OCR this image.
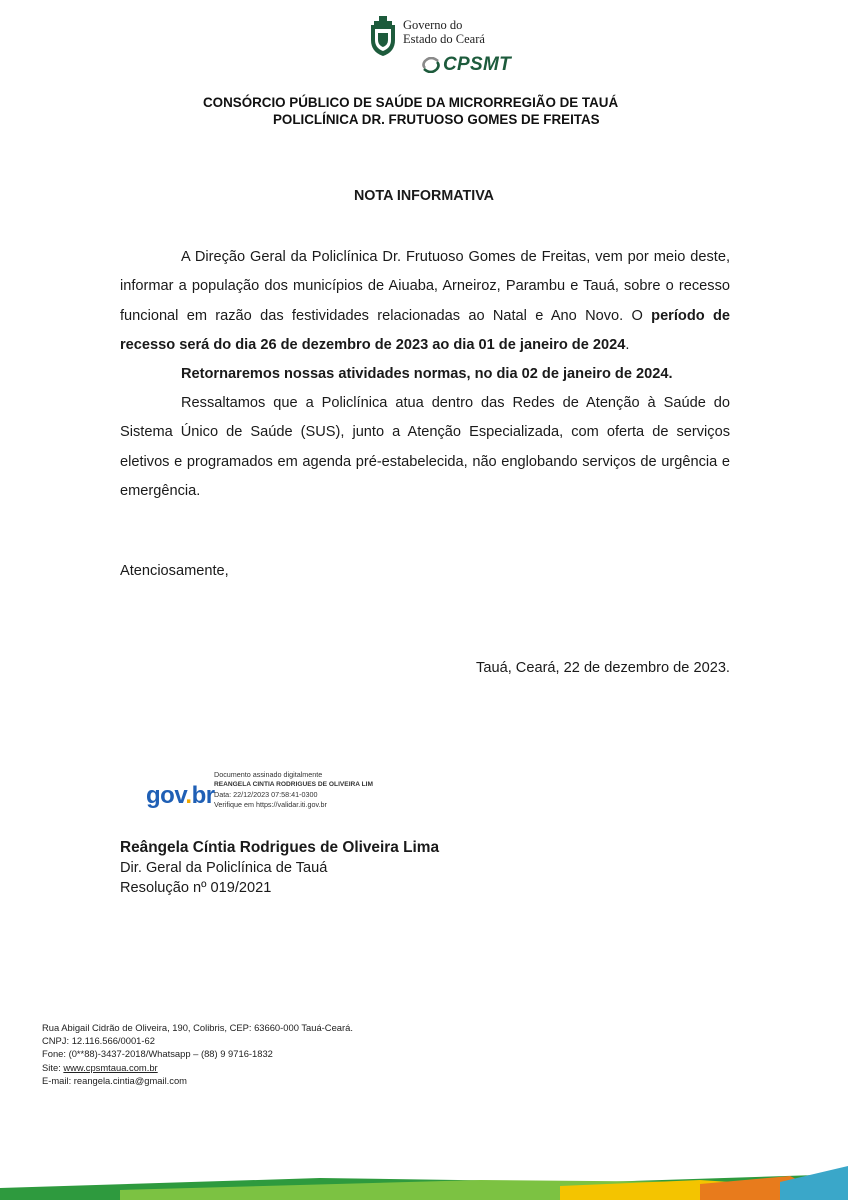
Governo do
Estado do Ceará
CPSMT
CONSÓRCIO PÚBLICO DE SAÚDE DA MICRORREGIÃO DE TAUÁ
POLICLÍNICA DR. FRUTUOSO GOMES DE FREITAS
NOTA INFORMATIVA

A Direção Geral da Policlínica Dr. Frutuoso Gomes de Freitas, vem por meio deste, informar a população dos municípios de Aiuaba, Arneiroz, Parambu e Tauá, sobre o recesso funcional em razão das festividades relacionadas ao Natal e Ano Novo. O período de recesso será do dia 26 de dezembro de 2023 ao dia 01 de janeiro de 2024.

Retornaremos nossas atividades normas, no dia 02 de janeiro de 2024.

Ressaltamos que a Policlínica atua dentro das Redes de Atenção à Saúde do Sistema Único de Saúde (SUS), junto a Atenção Especializada, com oferta de serviços eletivos e programados em agenda pré-estabelecida, não englobando serviços de urgência e emergência.

Atenciosamente,
Tauá, Ceará, 22 de dezembro de 2023.
gov.br
Documento assinado digitalmente
REANGELA CINTIA RODRIGUES DE OLIVEIRA LIM
Data: 22/12/2023 07:58:41-0300
Verifique em https://validar.iti.gov.br
Reângela Cíntia Rodrigues de Oliveira Lima
Dir. Geral da Policlínica de Tauá
Resolução nº 019/2021
Rua Abigail Cidrão de Oliveira, 190, Colibris, CEP: 63660-000 Tauá-Ceará.
CNPJ: 12.116.566/0001-62
Fone: (0**88)-3437-2018/Whatsapp – (88) 9 9716-1832
Site: www.cpsmtaua.com.br
E-mail: reangela.cintia@gmail.com
